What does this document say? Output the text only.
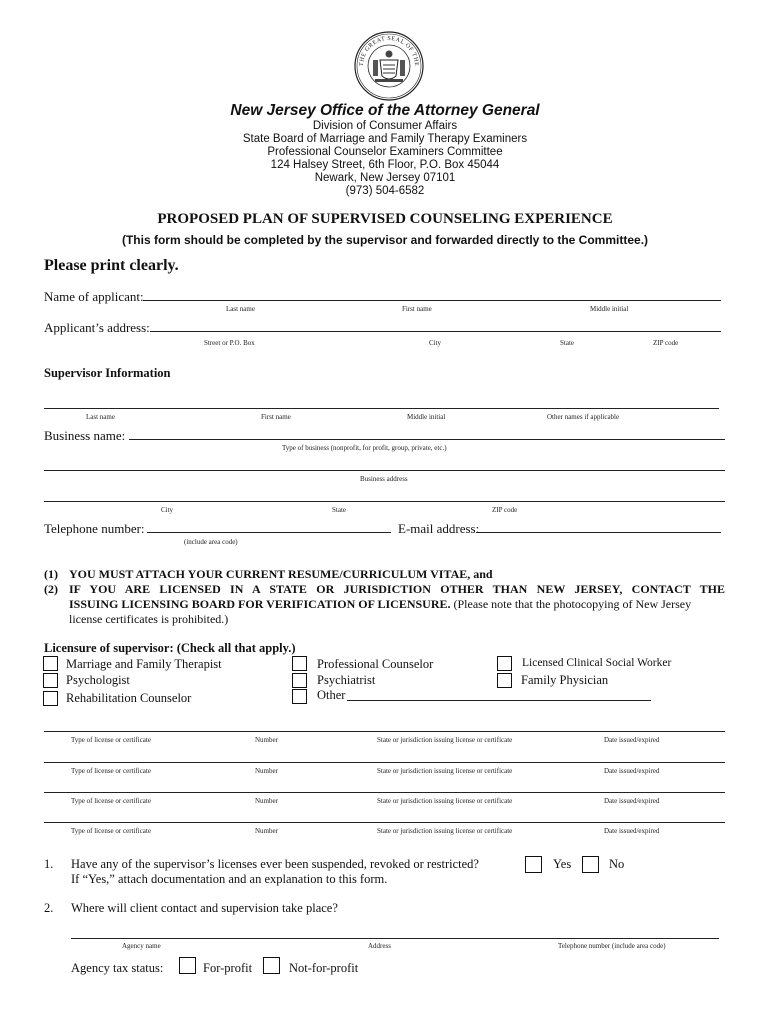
THE GREAT SEAL OF THE
New Jersey Office of the Attorney General
Division of Consumer Affairs
State Board of Marriage and Family Therapy Examiners
Professional Counselor Examiners Committee
124 Halsey Street, 6th Floor, P.O. Box 45044
Newark, New Jersey 07101
(973) 504-6582
PROPOSED PLAN OF SUPERVISED COUNSELING EXPERIENCE
(This form should be completed by the supervisor and forwarded directly to the Committee.)
Please print clearly.
Name of applicant:
Last name	First name	Middle initial
Applicant’s address:
Street or P.O. Box	City	State	ZIP code
Supervisor Information
Last name	First name	Middle initial	Other names if applicable
Business name:
Type of business (nonprofit, for profit, group, private, etc.)
Business address
City	State	ZIP code
Telephone number:
(include area code)
E-mail address:
(1) YOU MUST ATTACH YOUR CURRENT RESUME/CURRICULUM VITAE, and
(2) IF YOU ARE LICENSED IN A STATE OR JURISDICTION OTHER THAN NEW JERSEY, CONTACT THE
ISSUING LICENSING BOARD FOR VERIFICATION OF LICENSURE. (Please note that the photocopying of New Jersey
license certificates is prohibited.)
Licensure of supervisor: (Check all that apply.)
Marriage and Family Therapist
Psychologist
Rehabilitation Counselor
Professional Counselor
Psychiatrist
Other
Licensed Clinical Social Worker
Family Physician
Type of license or certificate	Number	State or jurisdiction issuing license or certificate	Date issued/expired
Type of license or certificate	Number	State or jurisdiction issuing license or certificate	Date issued/expired
Type of license or certificate	Number	State or jurisdiction issuing license or certificate	Date issued/expired
Type of license or certificate	Number	State or jurisdiction issuing license or certificate	Date issued/expired
1. Have any of the supervisor’s licenses ever been suspended, revoked or restricted?
If “Yes,” attach documentation and an explanation to this form.
Yes	No
2. Where will client contact and supervision take place?
Agency name	Address	Telephone number (include area code)
Agency tax status:	For-profit	Not-for-profit
